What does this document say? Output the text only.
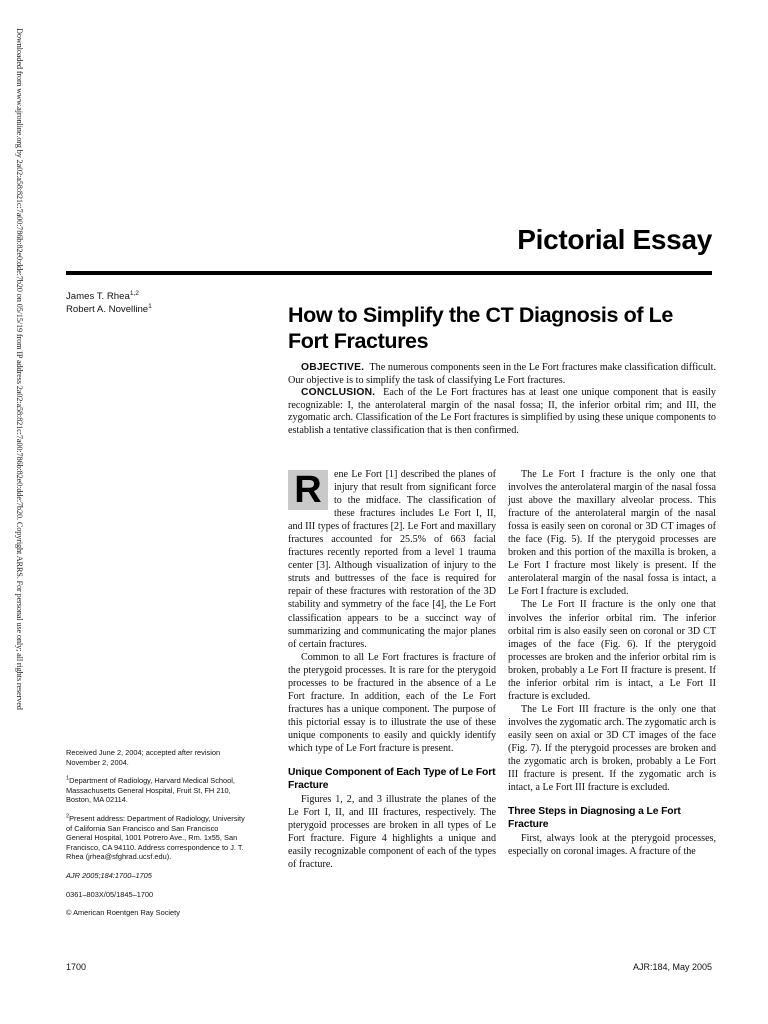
Downloaded from www.ajronline.org by 2a02:a58:821c:7a00:786b:82e0:dde:7b20 on 05/15/19 from IP address 2a02:a58:821c:7a00:786b:82e0:dde:7b20. Copyright ARRS. For personal use only; all rights reserved	Pictorial Essay
James T. Rhea$^{1,2}$
Robert A. Novelline$^1$	How to Simplify the CT Diagnosis of Le Fort Fractures

OBJECTIVE. The numerous components seen in the Le Fort fractures make classification difficult. Our objective is to simplify the task of classifying Le Fort fractures.

CONCLUSION. Each of the Le Fort fractures has at least one unique component that is easily recognizable: I, the anterolateral margin of the nasal fossa; II, the inferior orbital rim; and III, the zygomatic arch. Classification of the Le Fort fractures is simplified by using these unique components to establish a tentative classification that is then confirmed.

R	ene Le Fort [1] described the planes of injury that result from significant force to the midface. The classification of these fractures includes Le Fort I, II, and III types of fractures [2]. Le Fort and maxillary fractures accounted for 25.5% of 663 facial fractures recently reported from a level 1 trauma center [3]. Although visualization of injury to the struts and buttresses of the face is required for repair of these fractures with restoration of the 3D stability and symmetry of the face [4], the Le Fort classification appears to be a succinct way of summarizing and communicating the major planes of certain fractures.

Common to all Le Fort fractures is fracture of the pterygoid processes. It is rare for the pterygoid processes to be fractured in the absence of a Le Fort fracture. In addition, each of the Le Fort fractures has a unique component. The purpose of this pictorial essay is to illustrate the use of these unique components to easily and quickly identify which type of Le Fort fracture is present.

Unique Component of Each Type of Le Fort Fracture

Figures 1, 2, and 3 illustrate the planes of the Le Fort I, II, and III fractures, respectively. The pterygoid processes are broken in all types of Le Fort fracture. Figure 4 highlights a unique and easily recognizable component of each of the types of fracture.

The Le Fort I fracture is the only one that involves the anterolateral margin of the nasal fossa just above the maxillary alveolar process. This fracture of the anterolateral margin of the nasal fossa is easily seen on coronal or 3D CT images of the face (Fig. 5). If the pterygoid processes are broken and this portion of the maxilla is broken, a Le Fort I fracture most likely is present. If the anterolateral margin of the nasal fossa is intact, a Le Fort I fracture is excluded.

The Le Fort II fracture is the only one that involves the inferior orbital rim. The inferior orbital rim is also easily seen on coronal or 3D CT images of the face (Fig. 6). If the pterygoid processes are broken and the inferior orbital rim is broken, probably a Le Fort II fracture is present. If the inferior orbital rim is intact, a Le Fort II fracture is excluded.

The Le Fort III fracture is the only one that involves the zygomatic arch. The zygomatic arch is easily seen on axial or 3D CT images of the face (Fig. 7). If the pterygoid processes are broken and the zygomatic arch is broken, probably a Le Fort III fracture is present. If the zygomatic arch is intact, a Le Fort III fracture is excluded.

Three Steps in Diagnosing a Le Fort Fracture

First, always look at the pterygoid processes, especially on coronal images. A fracture of the

Received June 2, 2004; accepted after revision November 2, 2004.

$^1$Department of Radiology, Harvard Medical School, Massachusetts General Hospital, Fruit St, FH 210, Boston, MA 02114.

$^2$Present address: Department of Radiology, University of California San Francisco and San Francisco General Hospital, 1001 Potrero Ave., Rm. 1x55, San Francisco, CA 94110. Address correspondence to J. T. Rhea (jrhea@sfghrad.ucsf.edu).

AJR 2005;184:1700–1705

0361–803X/05/1845–1700

© American Roentgen Ray Society

1700	AJR:184, May 2005
